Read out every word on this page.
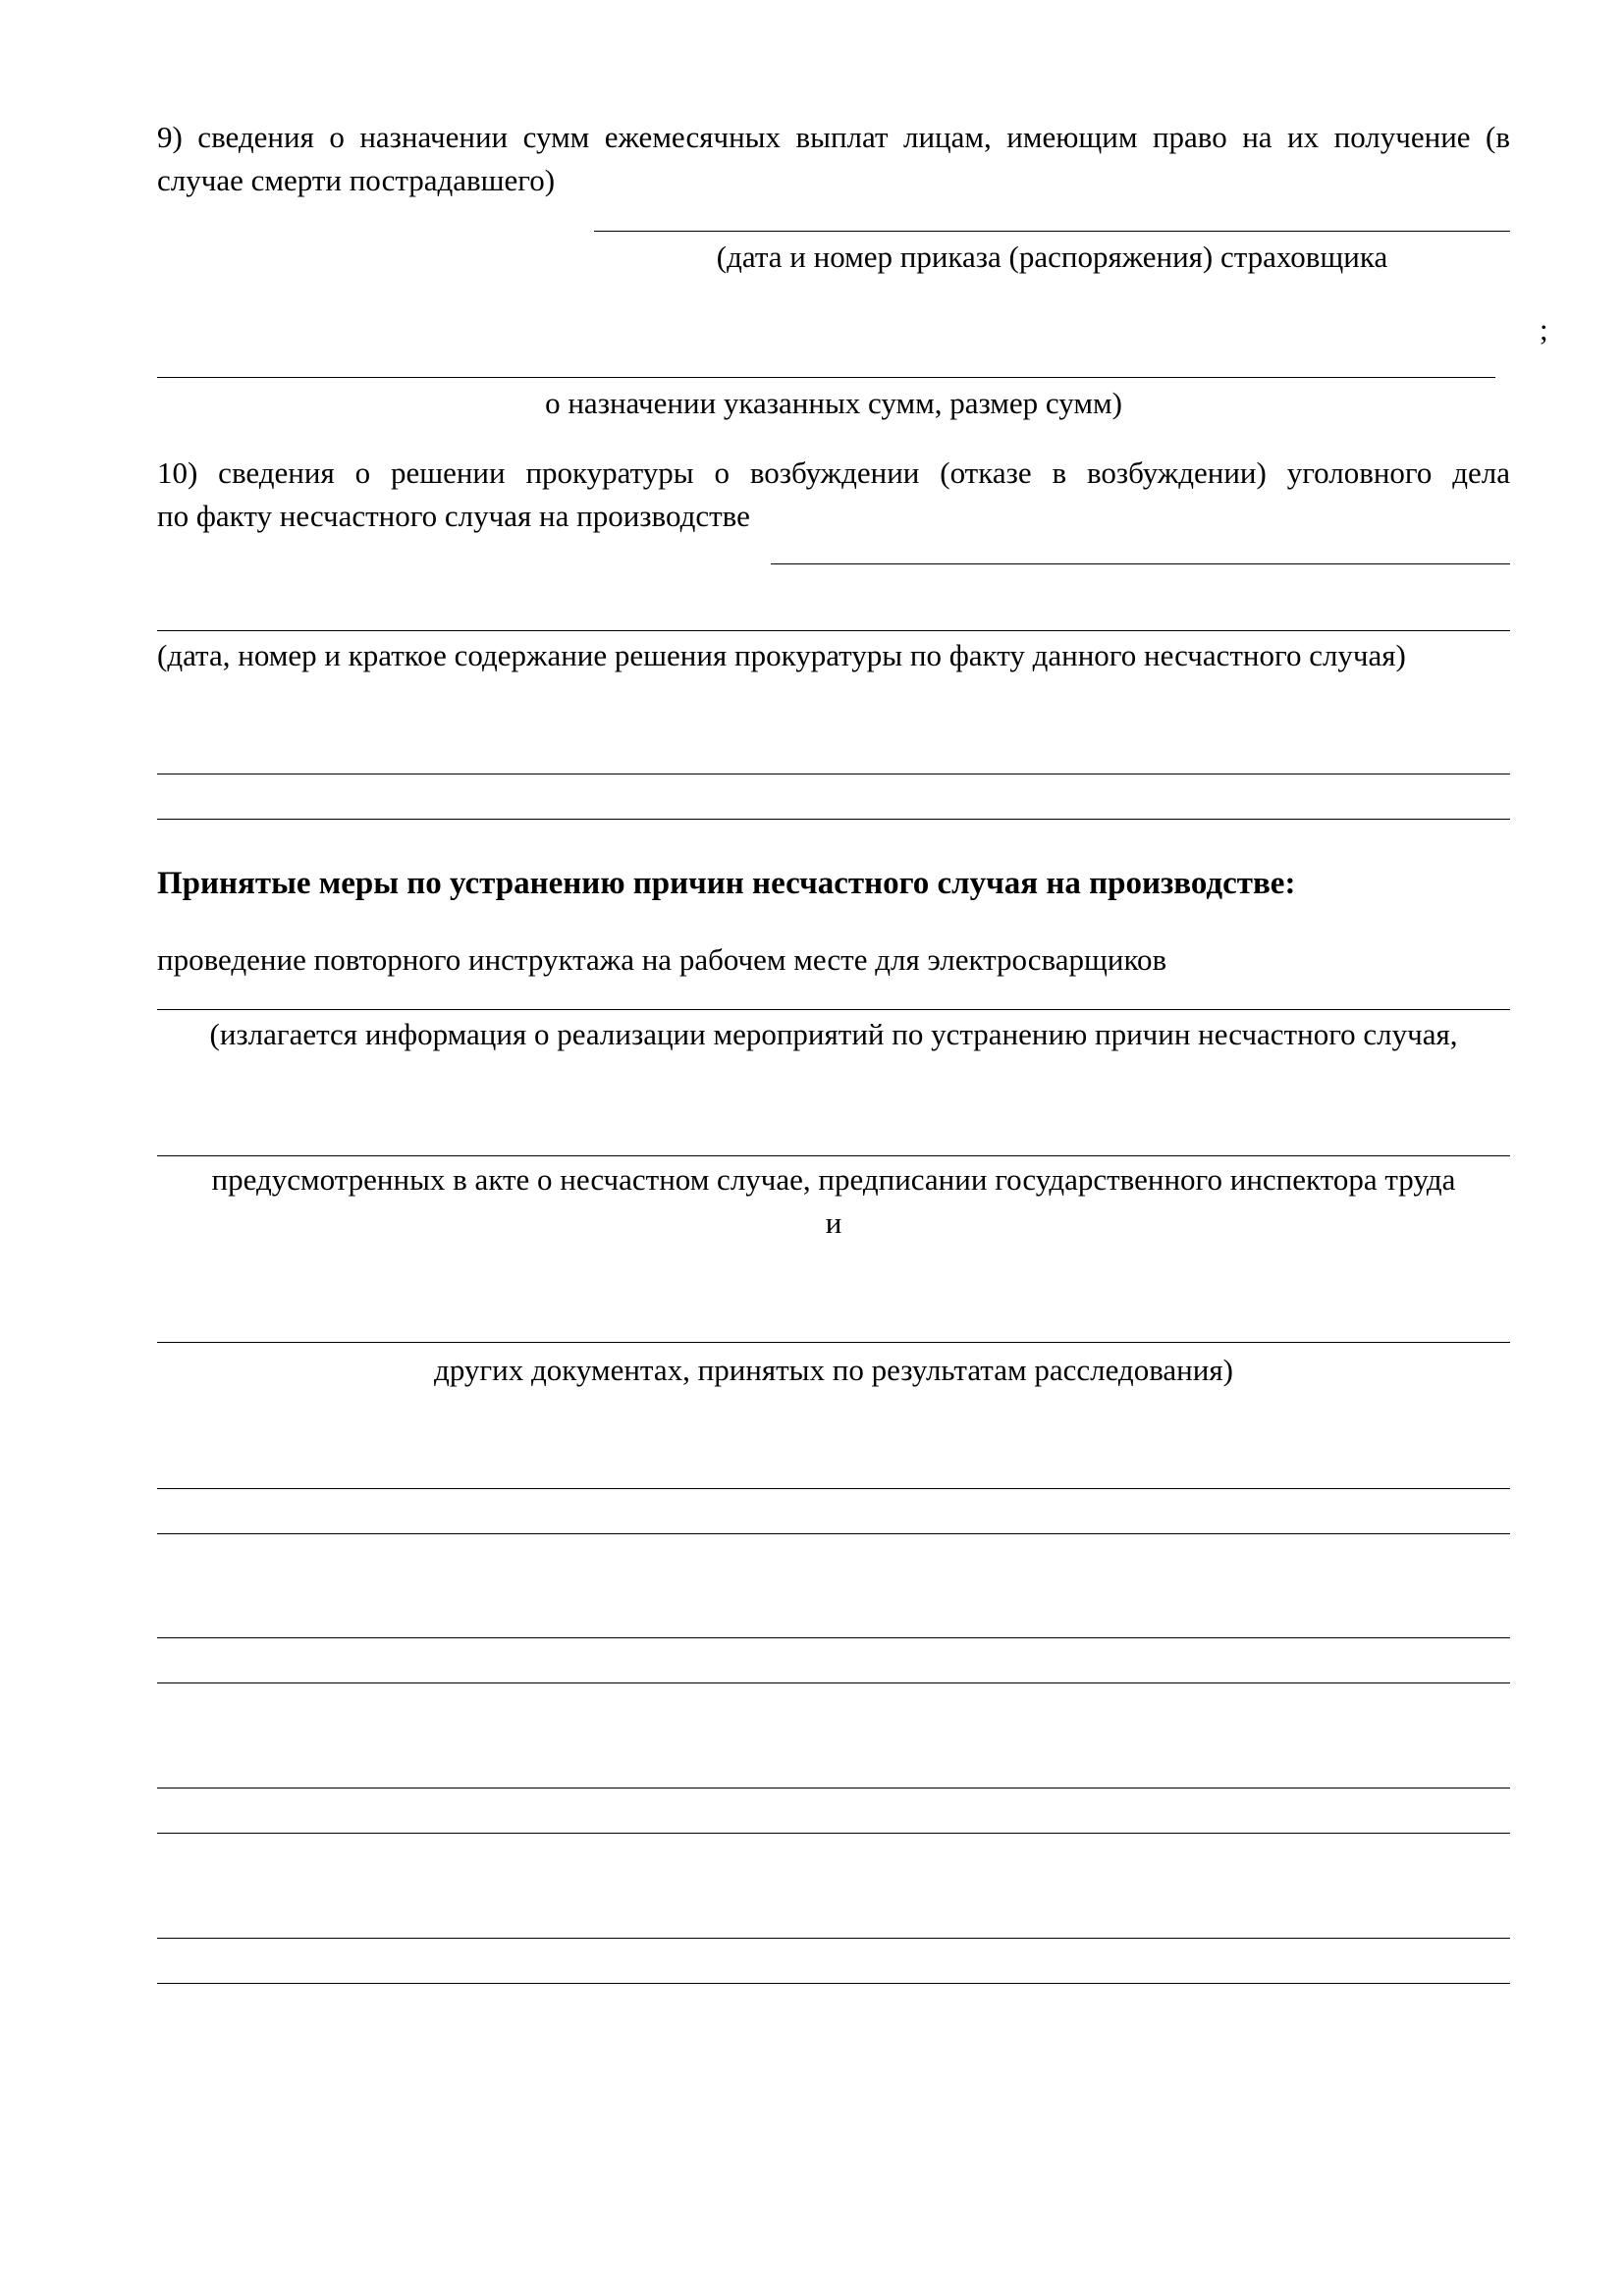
9) сведения о назначении сумм ежемесячных выплат лицам, имеющим право на их получение (в
случае смерти пострадавшего)
(дата и номер приказа (распоряжения) страховщика
;
о назначении указанных сумм, размер сумм)
10) сведения о решении прокуратуры о возбуждении (отказе в возбуждении) уголовного дела
по факту несчастного случая на производстве
(дата, номер и краткое содержание решения прокуратуры по факту данного несчастного случая)
Принятые меры по устранению причин несчастного случая на производстве:
проведение повторного инструктажа на рабочем месте для электросварщиков
(излагается информация о реализации мероприятий по устранению причин несчастного случая,
предусмотренных в акте о несчастном случае, предписании государственного инспектора труда
и
других документах, принятых по результатам расследования)
